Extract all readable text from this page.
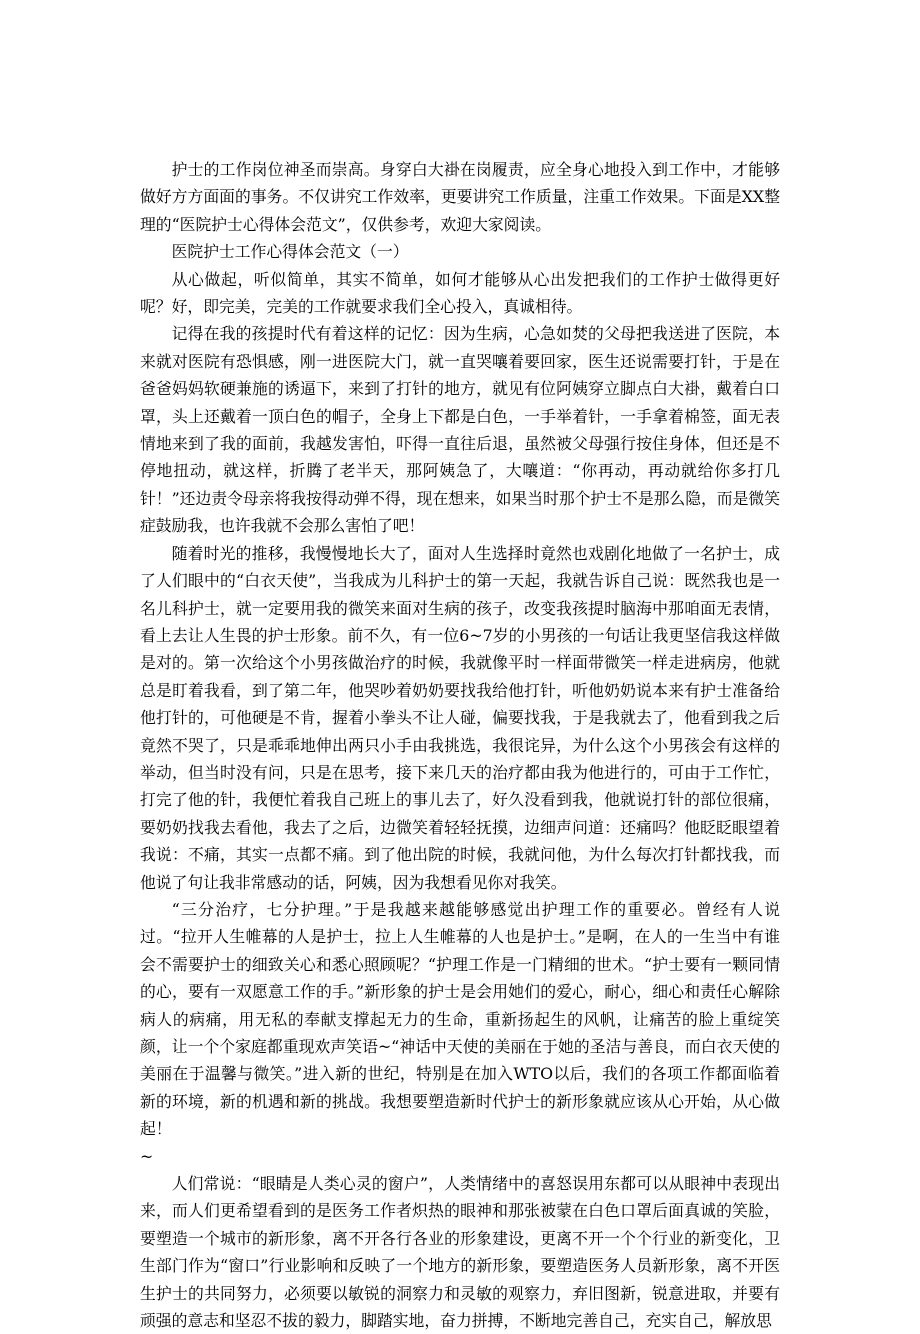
护士的工作岗位神圣而崇高。身穿白大褂在岗履责，应全身心地投入到工作中，才能够做好方方面面的事务。不仅讲究工作效率，更要讲究工作质量，注重工作效果。下面是XX整理的“医院护士心得体会范文”，仅供参考，欢迎大家阅读。

医院护士工作心得体会范文（一）

从心做起，听似简单，其实不简单，如何才能够从心出发把我们的工作护士做得更好呢？好，即完美，完美的工作就要求我们全心投入，真诚相待。

记得在我的孩提时代有着这样的记忆：因为生病，心急如焚的父母把我送进了医院，本来就对医院有恐惧感，刚一进医院大门，就一直哭嚷着要回家，医生还说需要打针，于是在爸爸妈妈软硬兼施的诱逼下，来到了打针的地方，就见有位阿姨穿立脚点白大褂，戴着白口罩，头上还戴着一顶白色的帽子，全身上下都是白色，一手举着针，一手拿着棉签，面无表情地来到了我的面前，我越发害怕，吓得一直往后退，虽然被父母强行按住身体，但还是不停地扭动，就这样，折腾了老半天，那阿姨急了，大嚷道：“你再动，再动就给你多打几针！”还边责令母亲将我按得动弹不得，现在想来，如果当时那个护士不是那么隐，而是微笑症鼓励我，也许我就不会那么害怕了吧！

随着时光的推移，我慢慢地长大了，面对人生选择时竟然也戏剧化地做了一名护士，成了人们眼中的“白衣天使”，当我成为儿科护士的第一天起，我就告诉自己说：既然我也是一名儿科护士，就一定要用我的微笑来面对生病的孩子，改变我孩提时脑海中那咱面无表情，看上去让人生畏的护士形象。前不久，有一位6~7岁的小男孩的一句话让我更坚信我这样做是对的。第一次给这个小男孩做治疗的时候，我就像平时一样面带微笑一样走进病房，他就总是盯着我看，到了第二年，他哭吵着奶奶要找我给他打针，听他奶奶说本来有护士准备给他打针的，可他硬是不肯，握着小拳头不让人碰，偏要找我，于是我就去了，他看到我之后竟然不哭了，只是乖乖地伸出两只小手由我挑选，我很诧异，为什么这个小男孩会有这样的举动，但当时没有问，只是在思考，接下来几天的治疗都由我为他进行的，可由于工作忙，打完了他的针，我便忙着我自己班上的事儿去了，好久没看到我，他就说打针的部位很痛，要奶奶找我去看他，我去了之后，边微笑着轻轻抚摸，边细声问道：还痛吗？他眨眨眼望着我说：不痛，其实一点都不痛。到了他出院的时候，我就问他，为什么每次打针都找我，而他说了句让我非常感动的话，阿姨，因为我想看见你对我笑。

“三分治疗，七分护理。”于是我越来越能够感觉出护理工作的重要必。曾经有人说过。“拉开人生帷幕的人是护士，拉上人生帷幕的人也是护士。”是啊，在人的一生当中有谁会不需要护士的细致关心和悉心照顾呢？“护理工作是一门精细的世术。“护士要有一颗同情的心，要有一双愿意工作的手。”新形象的护士是会用她们的爱心，耐心，细心和责任心解除病人的病痛，用无私的奉献支撑起无力的生命，重新扬起生的风帆，让痛苦的脸上重绽笑颜，让一个个家庭都重现欢声笑语~“神话中天使的美丽在于她的圣洁与善良，而白衣天使的美丽在于温馨与微笑。”进入新的世纪，特别是在加入WTO以后，我们的各项工作都面临着新的环境，新的机遇和新的挑战。我想要塑造新时代护士的新形象就应该从心开始，从心做起！

~

人们常说：“眼睛是人类心灵的窗户”，人类情绪中的喜怒误用东都可以从眼神中表现出来，而人们更希望看到的是医务工作者炽热的眼神和那张被蒙在白色口罩后面真诚的笑脸，要塑造一个城市的新形象，离不开各行各业的形象建设，更离不开一个个行业的新变化，卫生部门作为“窗口”行业影响和反映了一个地方的新形象，要塑造医务人员新形象，离不开医生护士的共同努力，必须要以敏锐的洞察力和灵敏的观察力，弃旧图新，锐意进取，并要有顽强的意志和坚忍不拔的毅力，脚踏实地，奋力拼搏，不断地完善自己，充实自己，解放思
